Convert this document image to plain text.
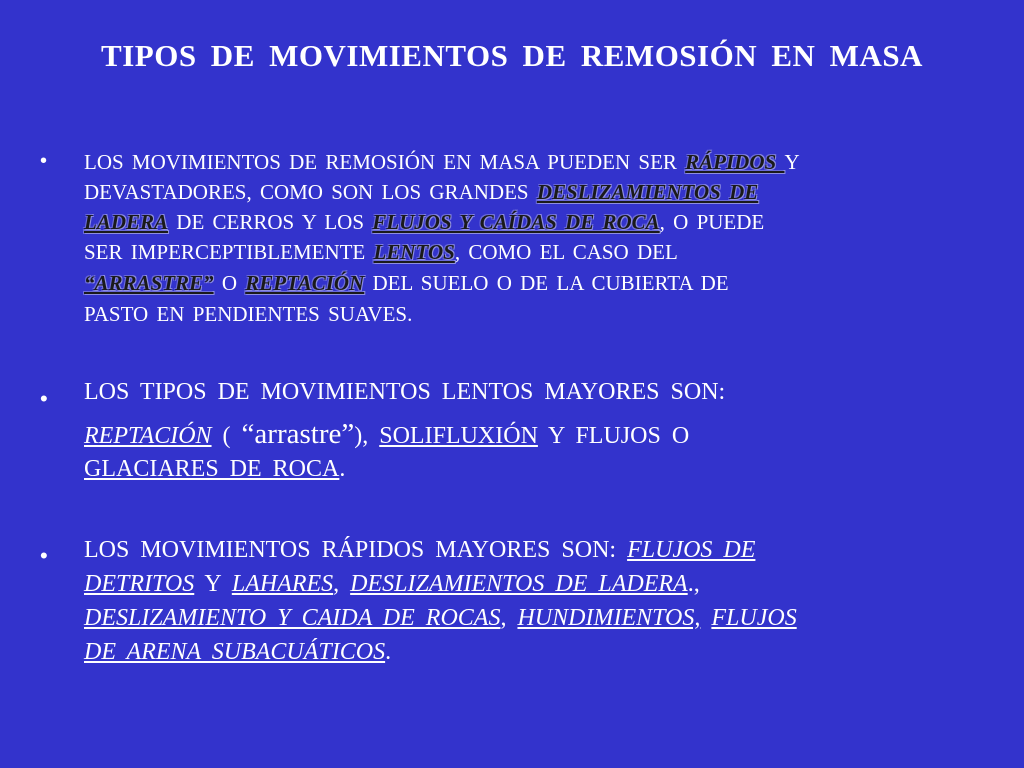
TIPOS DE MOVIMIENTOS DE REMOSIÓN EN MASA
• LOS MOVIMIENTOS DE REMOSIÓN EN MASA PUEDEN SER RÁPIDOS Y
DEVASTADORES, COMO SON LOS GRANDES DESLIZAMIENTOS DE
LADERA DE CERROS Y LOS FLUJOS Y CAÍDAS DE ROCA, O PUEDE
SER IMPERCEPTIBLEMENTE LENTOS, COMO EL CASO DEL
“ARRASTRE” O REPTACIÓN DEL SUELO O DE LA CUBIERTA DE
PASTO EN PENDIENTES SUAVES.
• LOS TIPOS DE MOVIMIENTOS LENTOS MAYORES SON:
REPTACIÓN ( “arrastre”), SOLIFLUXIÓN Y FLUJOS O
GLACIARES DE ROCA.
• LOS MOVIMIENTOS RÁPIDOS MAYORES SON: FLUJOS DE
DETRITOS Y LAHARES, DESLIZAMIENTOS DE LADERA.,
DESLIZAMIENTO Y CAIDA DE ROCAS, HUNDIMIENTOS, FLUJOS
DE ARENA SUBACUÁTICOS.
